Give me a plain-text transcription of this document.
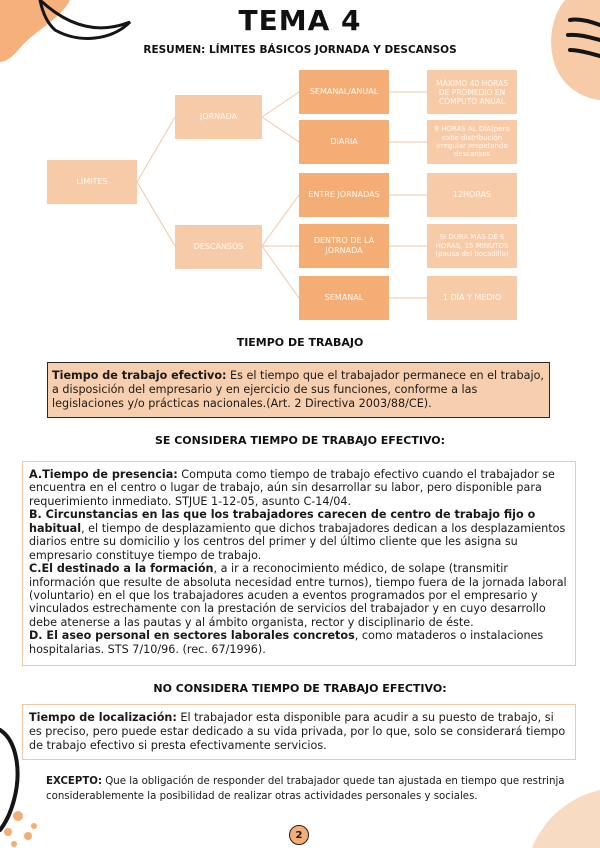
TEMA 4
RESUMEN: LÍMITES BÁSICOS JORNADA Y DESCANSOS
LÍMITES
JORNADA
DESCANSOS
SEMANAL/ANUAL
DIARIA
ENTRE JORNADAS
DENTRO DE LA JORNADA
SEMANAL
MÁXIMO 40 HORAS DE PROMEDIO EN CÓMPUTO ANUAL
9 HORAS AL DÍA(pero cabe distribución irregular respetando descansos
12HORAS
SI DURA MÁS DE 6 HORAS, 15 MINUTOS (pausa del bocadillo)
1 DÍA Y MEDIO
TIEMPO DE TRABAJO
Tiempo de trabajo efectivo: Es el tiempo que el trabajador permanece en el trabajo, a disposición del empresario y en ejercicio de sus funciones, conforme a las legislaciones y/o prácticas nacionales.(Art. 2 Directiva 2003/88/CE).
SE CONSIDERA TIEMPO DE TRABAJO EFECTIVO:
A.Tiempo de presencia: Computa como tiempo de trabajo efectivo cuando el trabajador se encuentra en el centro o lugar de trabajo, aún sin desarrollar su labor, pero disponible para requerimiento inmediato. STJUE 1-12-05, asunto C-14/04.
B. Circunstancias en las que los trabajadores carecen de centro de trabajo fijo o habitual, el tiempo de desplazamiento que dichos trabajadores dedican a los desplazamientos diarios entre su domicilio y los centros del primer y del último cliente que les asigna su empresario constituye tiempo de trabajo.
C.El destinado a la formación, a ir a reconocimiento médico, de solape (transmitir información que resulte de absoluta necesidad entre turnos), tiempo fuera de la jornada laboral (voluntario) en el que los trabajadores acuden a eventos programados por el empresario y vinculados estrechamente con la prestación de servicios del trabajador y en cuyo desarrollo debe atenerse a las pautas y al ámbito organista, rector y disciplinario de éste.
D. El aseo personal en sectores laborales concretos, como mataderos o instalaciones hospitalarias. STS 7/10/96. (rec. 67/1996).
NO CONSIDERA TIEMPO DE TRABAJO EFECTIVO:
Tiempo de localización: El trabajador esta disponible para acudir a su puesto de trabajo, si es preciso, pero puede estar dedicado a su vida privada, por lo que, solo se considerará tiempo de trabajo efectivo si presta efectivamente servicios.
EXCEPTO: Que la obligación de responder del trabajador quede tan ajustada en tiempo que restrinja considerablemente la posibilidad de realizar otras actividades personales y sociales.
2
